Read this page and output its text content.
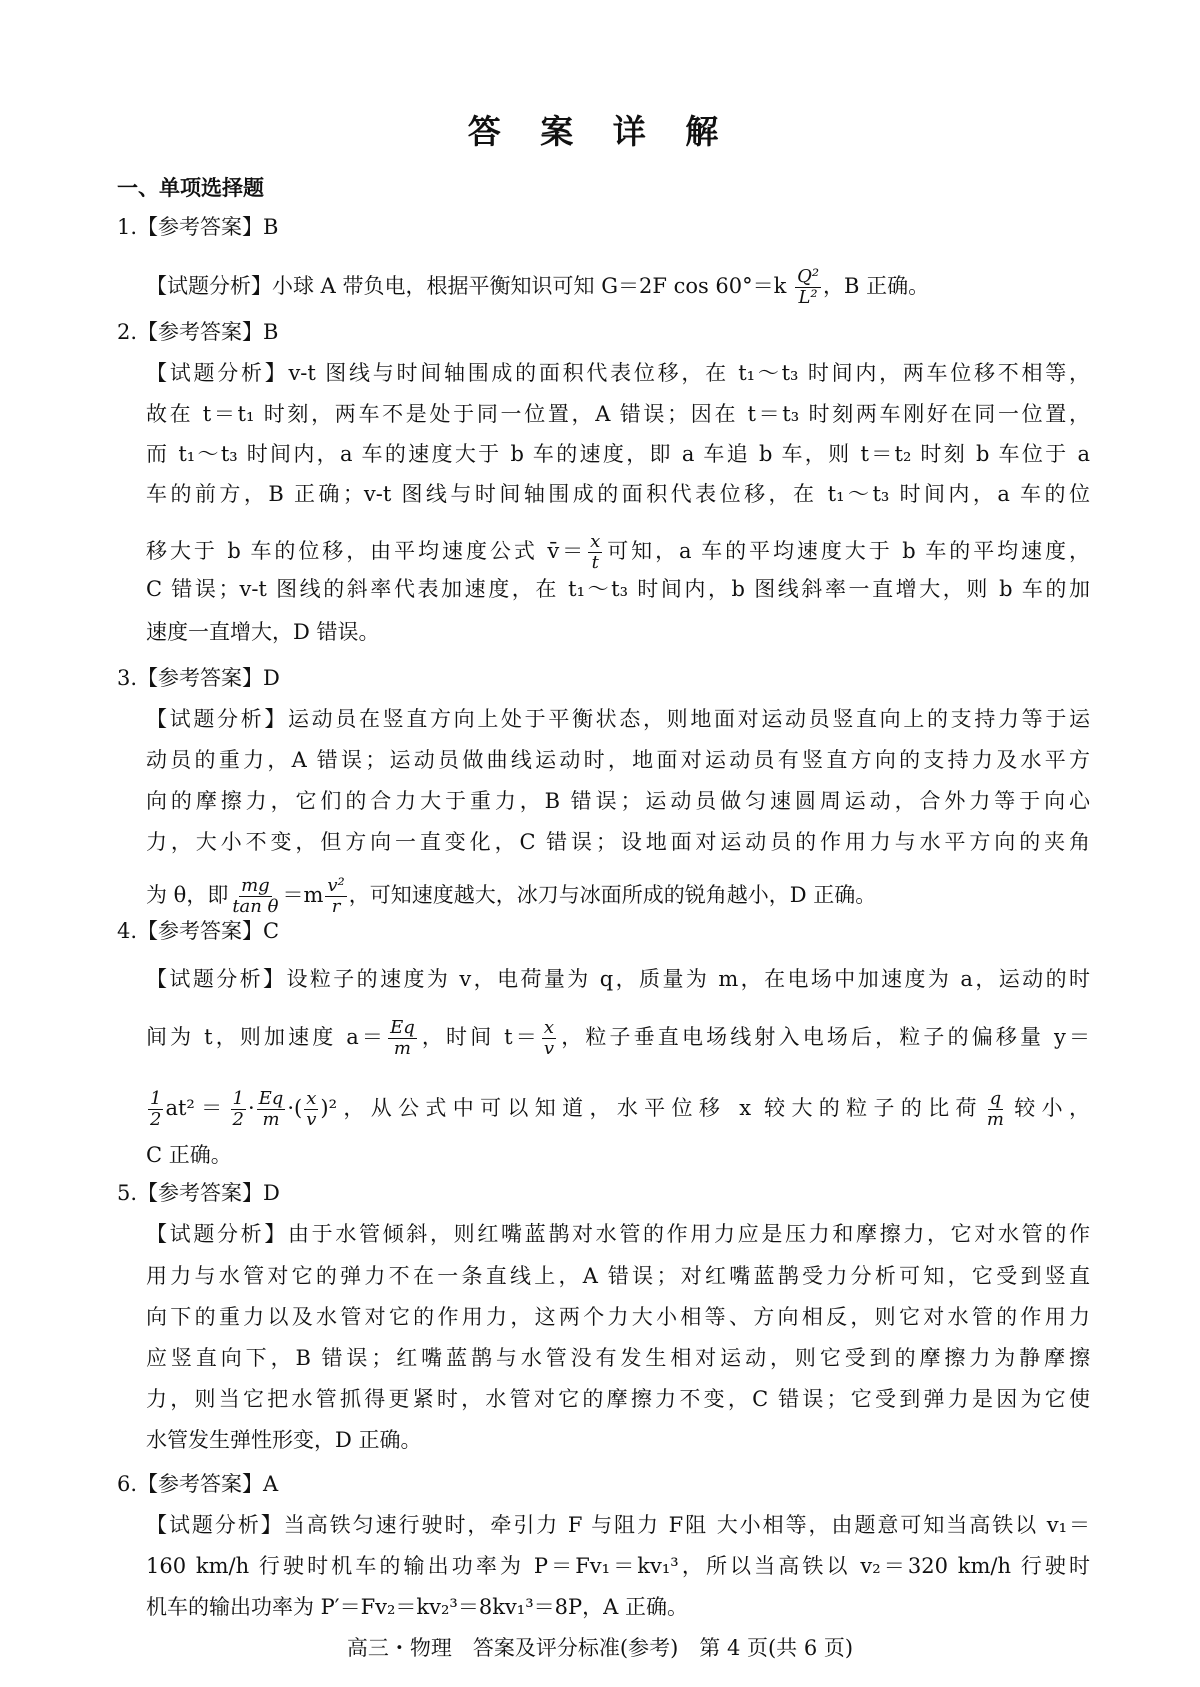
答 案 详 解
一、单项选择题
1.【参考答案】B
【试题分析】小球 A 带负电，根据平衡知识可知 G＝2F $\cos 60^\circ=k \frac{\text{Q²}}{\text{L²}}$ ，B 正确。
2.【参考答案】B
【试题分析】v-t 图线与时间轴围成的面积代表位移，在 t₁～t₃ 时间内，两车位移不相等，
故在 t＝t₁ 时刻，两车不是处于同一位置，A 错误；因在 t＝t₃ 时刻两车刚好在同一位置，
而 t₁～t₃ 时间内，a 车的速度大于 b 车的速度，即 a 车追 b 车，则 t＝t₂ 时刻 b 车位于 a
车的前方，B 正确；v-t 图线与时间轴围成的面积代表位移，在 t₁～t₃ 时间内，a 车的位
移大于 b 车的位移，由平均速度公式 v̄＝ $\frac{x}{t}$ 可知，a 车的平均速度大于 b 车的平均速度，
C 错误；v-t 图线的斜率代表加速度，在 t₁～t₃ 时间内，b 图线斜率一直增大，则 b 车的加
速度一直增大，D 错误。
3.【参考答案】D
【试题分析】运动员在竖直方向上处于平衡状态，则地面对运动员竖直向上的支持力等于运
动员的重力，A 错误；运动员做曲线运动时，地面对运动员有竖直方向的支持力及水平方
向的摩擦力，它们的合力大于重力，B 错误；运动员做匀速圆周运动，合外力等于向心
力，大小不变，但方向一直变化，C 错误；设地面对运动员的作用力与水平方向的夹角
为 θ，即 $\frac{mg}{\text{tan θ}} =m \frac{\text{v²}}{r}$ ，可知速度越大，冰刀与冰面所成的锐角越小，D 正确。
4.【参考答案】C
【试题分析】设粒子的速度为 v，电荷量为 q，质量为 m，在电场中加速度为 a，运动的时
间为 t，则加速度 $a= \frac{Eq}{m}$ ，时间 $t= \frac{x}{v}$ ，粒子垂直电场线射入电场后，粒子的偏移量 y＝
$\frac{1}{2} at^2= \frac{1}{2} \cdot \frac{Eq}{m}$ ·( $\frac{x}{v} )^2$，从公式中可以知道，水平位移 x 较大的粒子的比荷 $\frac{q}{m}$ 较小，
C 正确。
5.【参考答案】D
【试题分析】由于水管倾斜，则红嘴蓝鹊对水管的作用力应是压力和摩擦力，它对水管的作
用力与水管对它的弹力不在一条直线上，A 错误；对红嘴蓝鹊受力分析可知，它受到竖直
向下的重力以及水管对它的作用力，这两个力大小相等、方向相反，则它对水管的作用力
应竖直向下，B 错误；红嘴蓝鹊与水管没有发生相对运动，则它受到的摩擦力为静摩擦
力，则当它把水管抓得更紧时，水管对它的摩擦力不变，C 错误；它受到弹力是因为它使
水管发生弹性形变，D 正确。
6.【参考答案】A
【试题分析】当高铁匀速行驶时，牵引力 F 与阻力 F阻 大小相等，由题意可知当高铁以 v₁＝
160 km/h 行驶时机车的输出功率为 P＝Fv₁＝kv₁³，所以当高铁以 v₂＝320 km/h 行驶时
机车的输出功率为 P′＝Fv₂＝kv₂³＝8kv₁³＝8P，A 正确。
高三・物理　答案及评分标准(参考)　第 4 页(共 6 页)
